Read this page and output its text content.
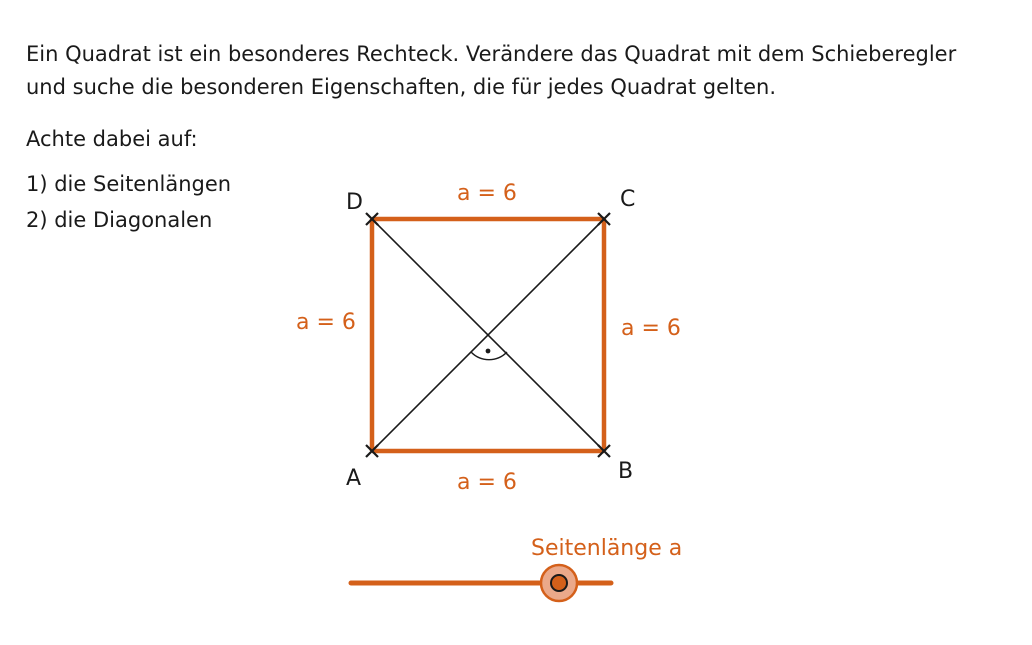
Ein Quadrat ist ein besonderes Rechteck. Verändere das Quadrat mit dem Schieberegler
und suche die besonderen Eigenschaften, die für jedes Quadrat gelten.
Achte dabei auf:
1) die Seitenlängen
2) die Diagonalen
A	B
C
D	a = 6
a = 6
a = 6	a = 6
Seitenlänge a
